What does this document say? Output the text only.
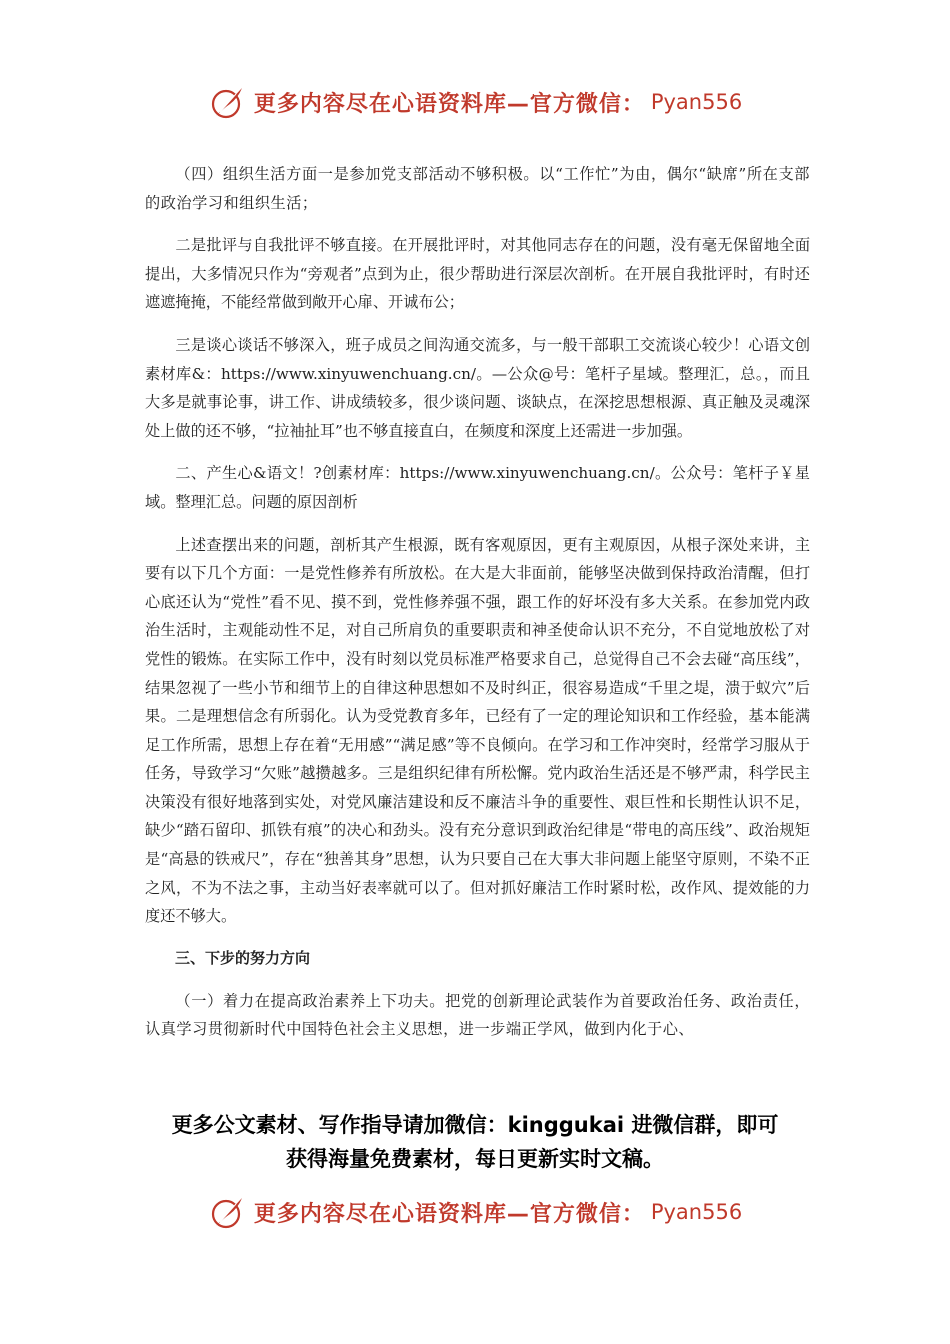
更多内容尽在心语资料库—官方微信： Pyan556

（四）组织生活方面一是参加党支部活动不够积极。以“工作忙”为由，偶尔“缺席”所在支部的政治学习和组织生活；

二是批评与自我批评不够直接。在开展批评时，对其他同志存在的问题，没有毫无保留地全面提出，大多情况只作为“旁观者”点到为止，很少帮助进行深层次剖析。在开展自我批评时，有时还遮遮掩掩，不能经常做到敞开心扉、开诚布公；

三是谈心谈话不够深入，班子成员之间沟通交流多，与一般干部职工交流谈心较少！心语文创素材库&：https://www.xinyuwenchuang.cn/。—公众@号：笔杆子星域。整理汇，总。，而且大多是就事论事，讲工作、讲成绩较多，很少谈问题、谈缺点，在深挖思想根源、真正触及灵魂深处上做的还不够，“拉袖扯耳”也不够直接直白，在频度和深度上还需进一步加强。

二、产生心&语文！?创素材库：https://www.xinyuwenchuang.cn/。公众号：笔杆子￥星域。整理汇总。问题的原因剖析

上述查摆出来的问题，剖析其产生根源，既有客观原因，更有主观原因，从根子深处来讲，主要有以下几个方面：一是党性修养有所放松。在大是大非面前，能够坚决做到保持政治清醒，但打心底还认为“党性”看不见、摸不到，党性修养强不强，跟工作的好坏没有多大关系。在参加党内政治生活时，主观能动性不足，对自己所肩负的重要职责和神圣使命认识不充分，不自觉地放松了对党性的锻炼。在实际工作中，没有时刻以党员标准严格要求自己，总觉得自己不会去碰“高压线”，结果忽视了一些小节和细节上的自律这种思想如不及时纠正，很容易造成“千里之堤，溃于蚁穴”后果。二是理想信念有所弱化。认为受党教育多年，已经有了一定的理论知识和工作经验，基本能满足工作所需，思想上存在着“无用感”“满足感”等不良倾向。在学习和工作冲突时，经常学习服从于任务，导致学习“欠账”越攒越多。三是组织纪律有所松懈。党内政治生活还是不够严肃，科学民主决策没有很好地落到实处，对党风廉洁建设和反不廉洁斗争的重要性、艰巨性和长期性认识不足，缺少“踏石留印、抓铁有痕”的决心和劲头。没有充分意识到政治纪律是“带电的高压线”、政治规矩是“高悬的铁戒尺”，存在“独善其身”思想，认为只要自己在大事大非问题上能坚守原则，不染不正之风，不为不法之事，主动当好表率就可以了。但对抓好廉洁工作时紧时松，改作风、提效能的力度还不够大。

三、下步的努力方向

（一）着力在提高政治素养上下功夫。把党的创新理论武装作为首要政治任务、政治责任，认真学习贯彻新时代中国特色社会主义思想，进一步端正学风，做到内化于心、

更多公文素材、写作指导请加微信：kinggukai 进微信群，即可
获得海量免费素材，每日更新实时文稿。
更多内容尽在心语资料库—官方微信： Pyan556
